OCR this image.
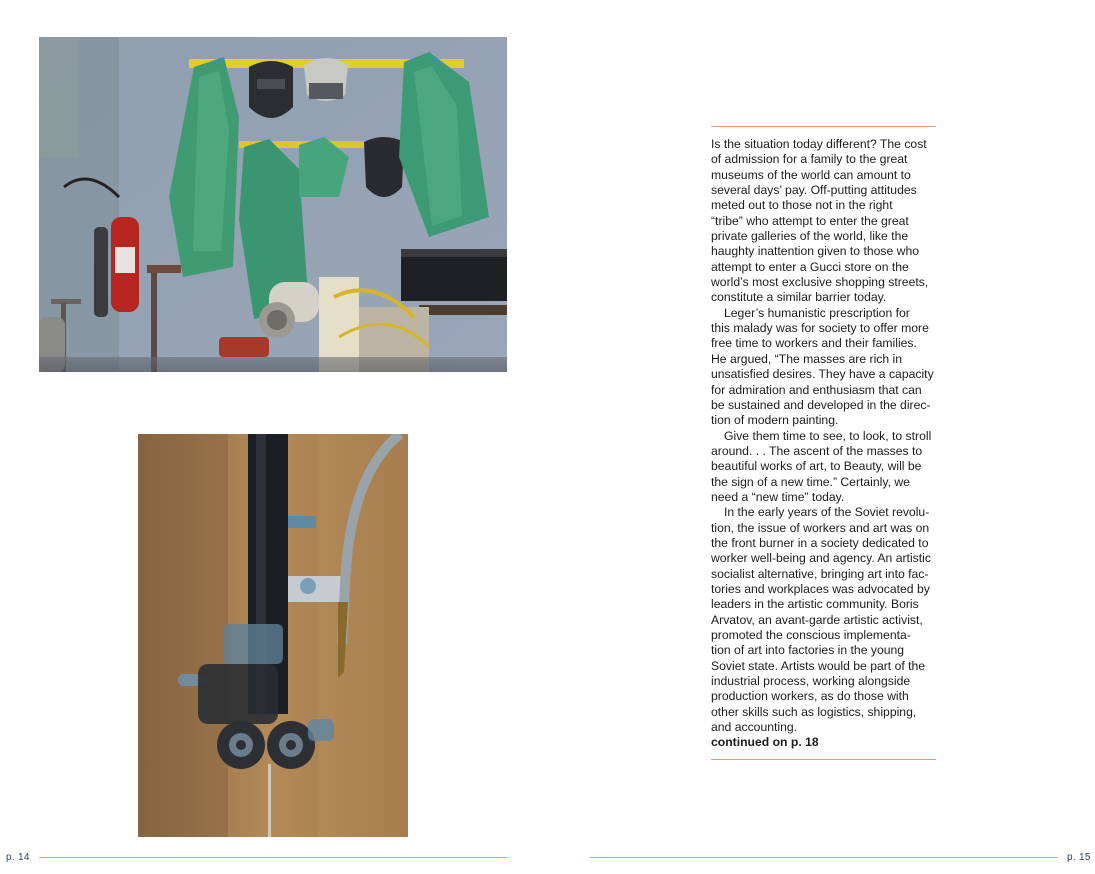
Is the situation today different? The cost

of admission for a family to the great

museums of the world can amount to

several days’ pay. Off-putting attitudes

meted out to those not in the right

“tribe” who attempt to enter the great

private galleries of the world, like the

haughty inattention given to those who

attempt to enter a Gucci store on the

world’s most exclusive shopping streets,

constitute a similar barrier today.

Leger’s humanistic prescription for

this malady was for society to offer more

free time to workers and their families.

He argued, “The masses are rich in

unsatisfied desires. They have a capacity

for admiration and enthusiasm that can

be sustained and developed in the direc-

tion of modern painting.

Give them time to see, to look, to stroll

around. . . The ascent of the masses to

beautiful works of art, to Beauty, will be

the sign of a new time.” Certainly, we

need a “new time” today.

In the early years of the Soviet revolu-

tion, the issue of workers and art was on

the front burner in a society dedicated to

worker well-being and agency. An artistic

socialist alternative, bringing art into fac-

tories and workplaces was advocated by

leaders in the artistic community. Boris

Arvatov, an avant-garde artistic activist,

promoted the conscious implementa-

tion of art into factories in the young

Soviet state. Artists would be part of the

industrial process, working alongside

production workers, as do those with

other skills such as logistics, shipping,

and accounting.

continued on p. 18

p. 14	p. 15
